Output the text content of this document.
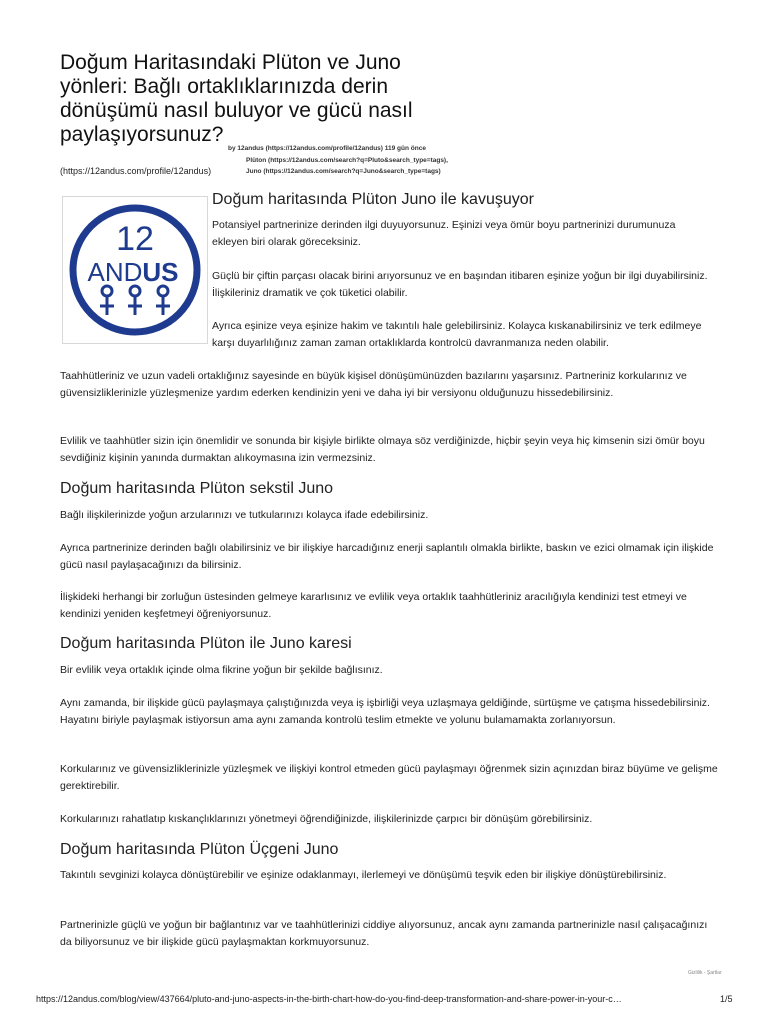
Doğum Haritasındaki Plüton ve Juno yönleri: Bağlı ortaklıklarınızda derin dönüşümü nasıl buluyor ve gücü nasıl paylaşıyorsunuz?
by 12andus (https://12andus.com/profile/12andus) 119 gün önce
Plüton (https://12andus.com/search?q=Pluto&search_type=tags),
Juno (https://12andus.com/search?q=Juno&search_type=tags)
(https://12andus.com/profile/12andus)
12
ANDUS
Doğum haritasında Plüton Juno ile kavuşuyor

Potansiyel partnerinize derinden ilgi duyuyorsunuz. Eşinizi veya ömür boyu partnerinizi durumunuza ekleyen biri olarak göreceksiniz.

Güçlü bir çiftin parçası olacak birini arıyorsunuz ve en başından itibaren eşinize yoğun bir ilgi duyabilirsiniz. İlişkileriniz dramatik ve çok tüketici olabilir.

Ayrıca eşinize veya eşinize hakim ve takıntılı hale gelebilirsiniz. Kolayca kıskanabilirsiniz ve terk edilmeye karşı duyarlılığınız zaman zaman ortaklıklarda kontrolcü davranmanıza neden olabilir.

Taahhütleriniz ve uzun vadeli ortaklığınız sayesinde en büyük kişisel dönüşümünüzden bazılarını yaşarsınız. Partneriniz korkularınız ve güvensizliklerinizle yüzleşmenize yardım ederken kendinizin yeni ve daha iyi bir versiyonu olduğunuzu hissedebilirsiniz.

Evlilik ve taahhütler sizin için önemlidir ve sonunda bir kişiyle birlikte olmaya söz verdiğinizde, hiçbir şeyin veya hiç kimsenin sizi ömür boyu sevdiğiniz kişinin yanında durmaktan alıkoymasına izin vermezsiniz.

Doğum haritasında Plüton sekstil Juno

Bağlı ilişkilerinizde yoğun arzularınızı ve tutkularınızı kolayca ifade edebilirsiniz.

Ayrıca partnerinize derinden bağlı olabilirsiniz ve bir ilişkiye harcadığınız enerji saplantılı olmakla birlikte, baskın ve ezici olmamak için ilişkide gücü nasıl paylaşacağınızı da bilirsiniz.

İlişkideki herhangi bir zorluğun üstesinden gelmeye kararlısınız ve evlilik veya ortaklık taahhütleriniz aracılığıyla kendinizi test etmeyi ve kendinizi yeniden keşfetmeyi öğreniyorsunuz.

Doğum haritasında Plüton ile Juno karesi

Bir evlilik veya ortaklık içinde olma fikrine yoğun bir şekilde bağlısınız.

Aynı zamanda, bir ilişkide gücü paylaşmaya çalıştığınızda veya iş işbirliği veya uzlaşmaya geldiğinde, sürtüşme ve çatışma hissedebilirsiniz. Hayatını biriyle paylaşmak istiyorsun ama aynı zamanda kontrolü teslim etmekte ve yolunu bulamamakta zorlanıyorsun.

Korkularınız ve güvensizliklerinizle yüzleşmek ve ilişkiyi kontrol etmeden gücü paylaşmayı öğrenmek sizin açınızdan biraz büyüme ve gelişme gerektirebilir.

Korkularınızı rahatlatıp kıskançlıklarınızı yönetmeyi öğrendiğinizde, ilişkilerinizde çarpıcı bir dönüşüm görebilirsiniz.

Doğum haritasında Plüton Üçgeni Juno

Takıntılı sevginizi kolayca dönüştürebilir ve eşinize odaklanmayı, ilerlemeyi ve dönüşümü teşvik eden bir ilişkiye dönüştürebilirsiniz.

Partnerinizle güçlü ve yoğun bir bağlantınız var ve taahhütlerinizi ciddiye alıyorsunuz, ancak aynı zamanda partnerinizle nasıl çalışacağınızı da biliyorsunuz ve bir ilişkide gücü paylaşmaktan korkmuyorsunuz.

Gizlilik - Şartlar
https://12andus.com/blog/view/437664/pluto-and-juno-aspects-in-the-birth-chart-how-do-you-find-deep-transformation-and-share-power-in-your-c…	1/5
